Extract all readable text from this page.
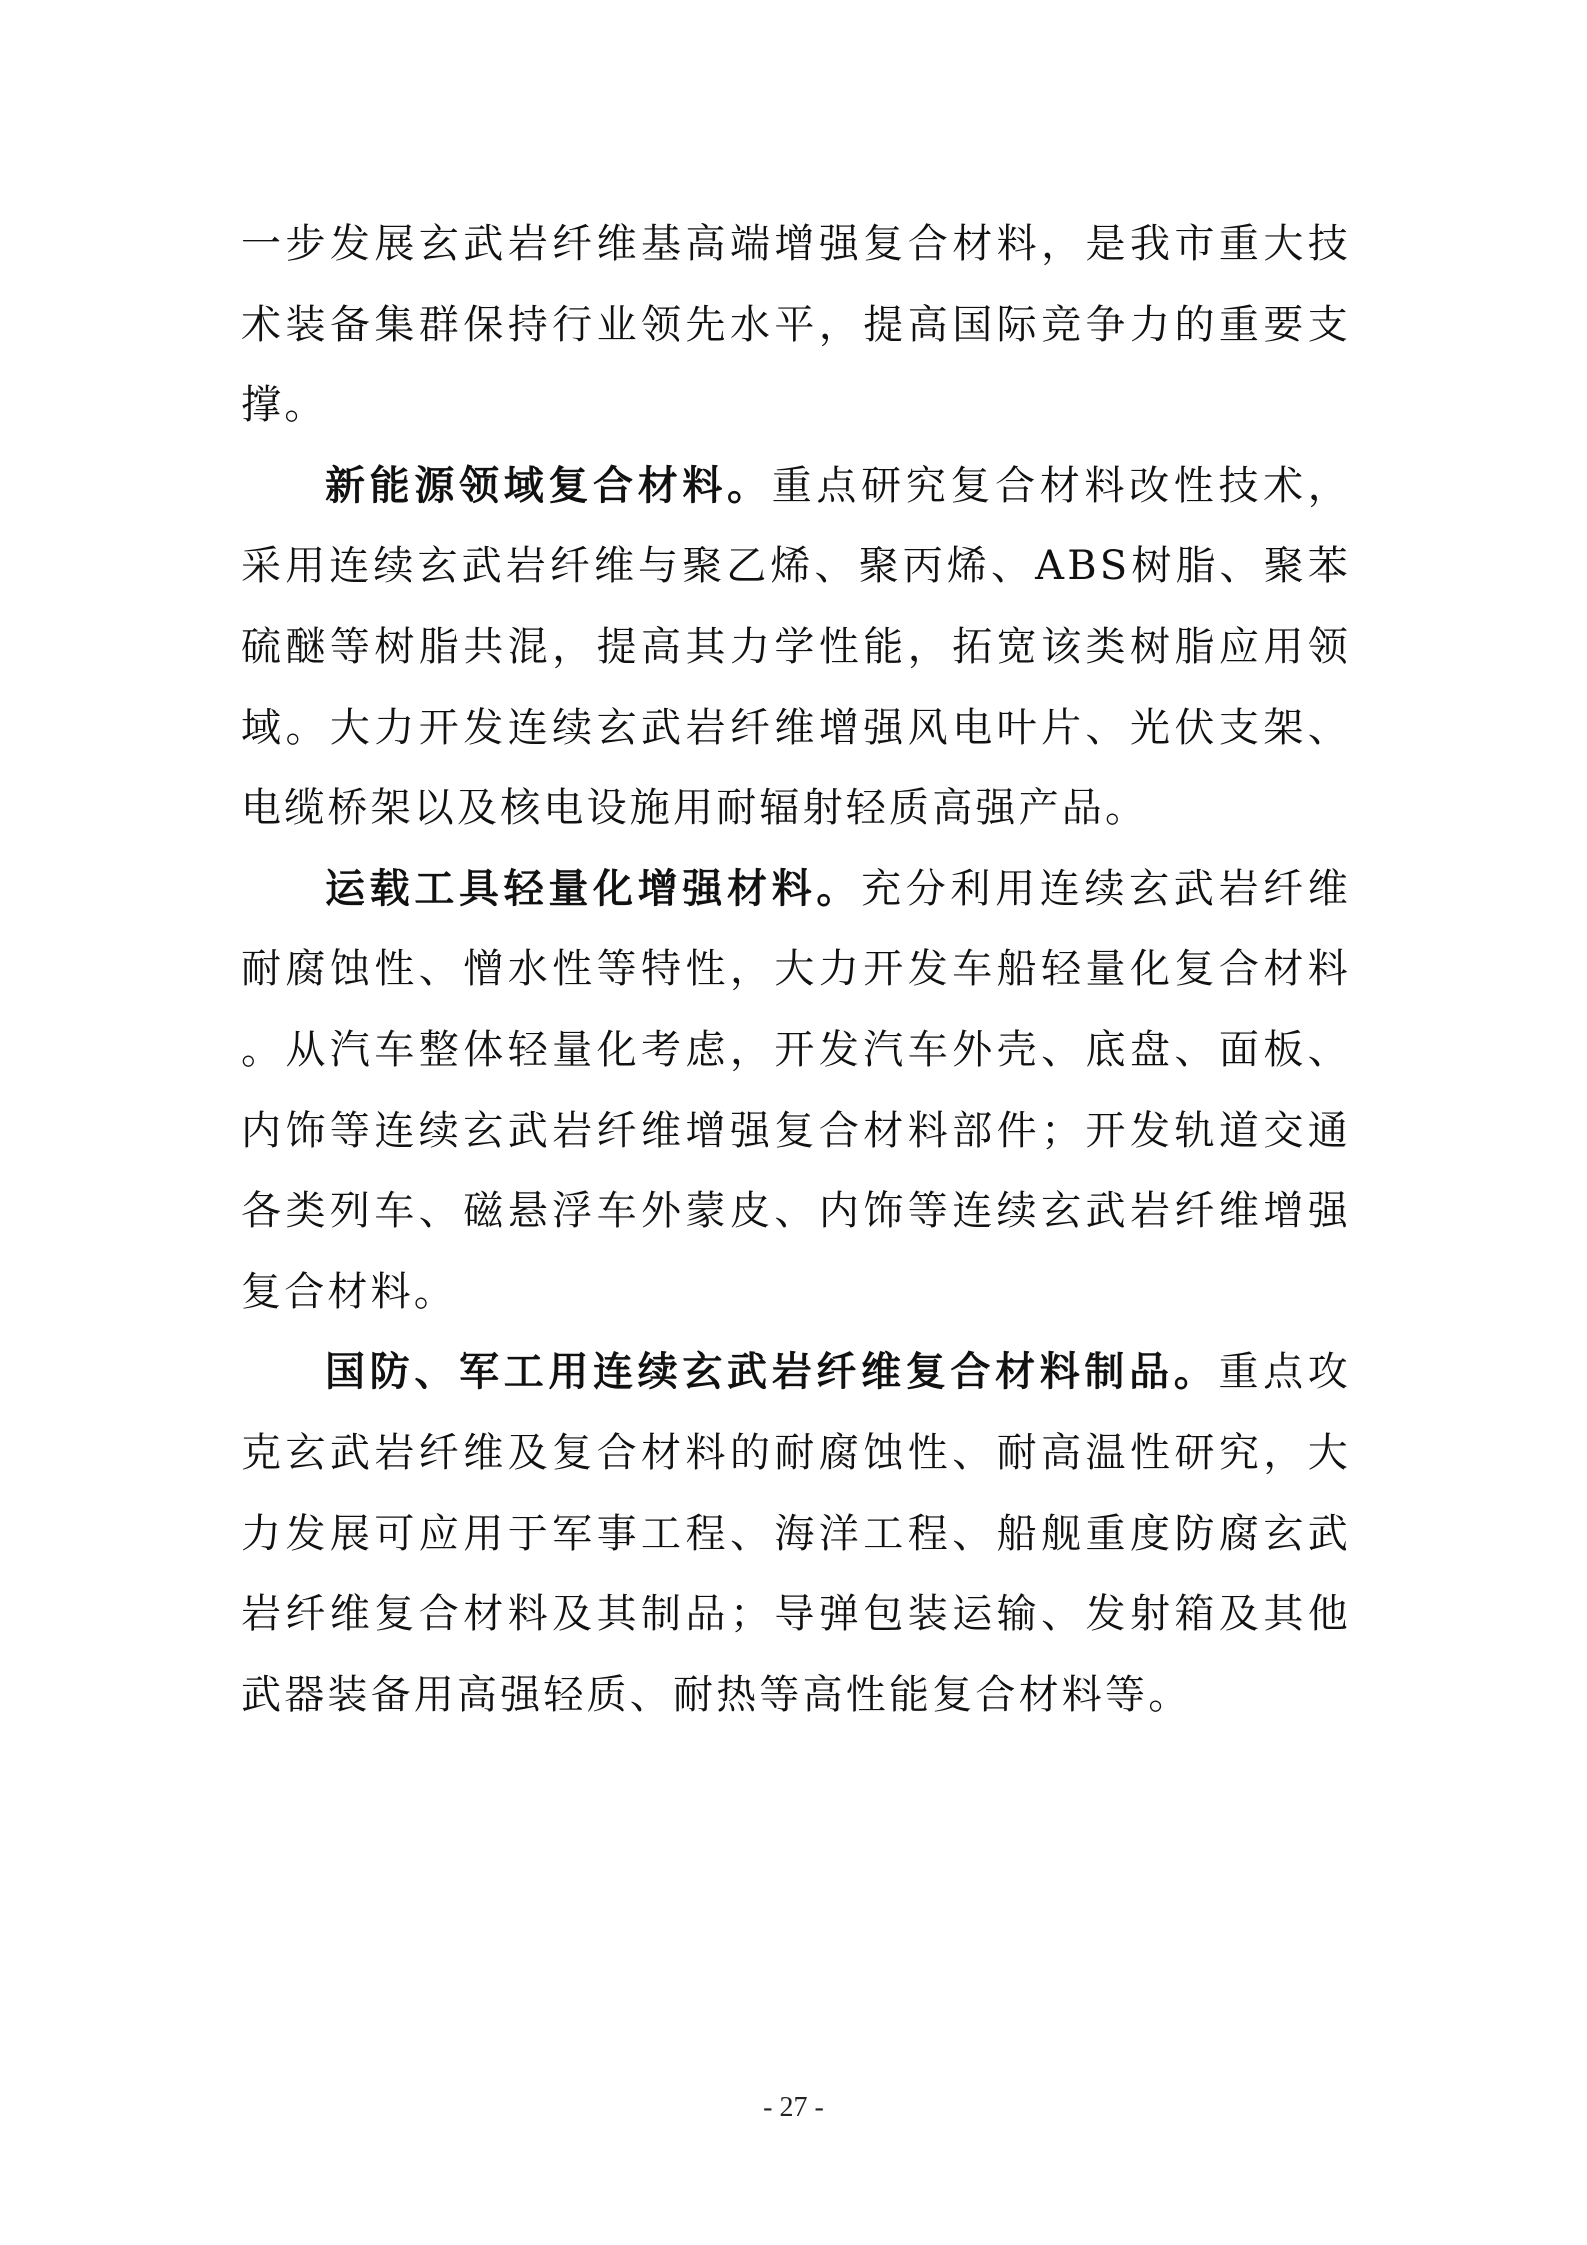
一步发展玄武岩纤维基高端增强复合材料，是我市重大技术装备集群保持行业领先水平，提高国际竞争力的重要支撑。

新能源领域复合材料。重点研究复合材料改性技术，采用连续玄武岩纤维与聚乙烯、聚丙烯、ABS树脂、聚苯硫醚等树脂共混，提高其力学性能，拓宽该类树脂应用领域。大力开发连续玄武岩纤维增强风电叶片、光伏支架、电缆桥架以及核电设施用耐辐射轻质高强产品。

运载工具轻量化增强材料。充分利用连续玄武岩纤维耐腐蚀性、憎水性等特性，大力开发车船轻量化复合材料。从汽车整体轻量化考虑，开发汽车外壳、底盘、面板、内饰等连续玄武岩纤维增强复合材料部件；开发轨道交通各类列车、磁悬浮车外蒙皮、内饰等连续玄武岩纤维增强复合材料。

国防、军工用连续玄武岩纤维复合材料制品。重点攻克玄武岩纤维及复合材料的耐腐蚀性、耐高温性研究，大力发展可应用于军事工程、海洋工程、船舰重度防腐玄武岩纤维复合材料及其制品；导弹包装运输、发射箱及其他武器装备用高强轻质、耐热等高性能复合材料等。

- 27 -
